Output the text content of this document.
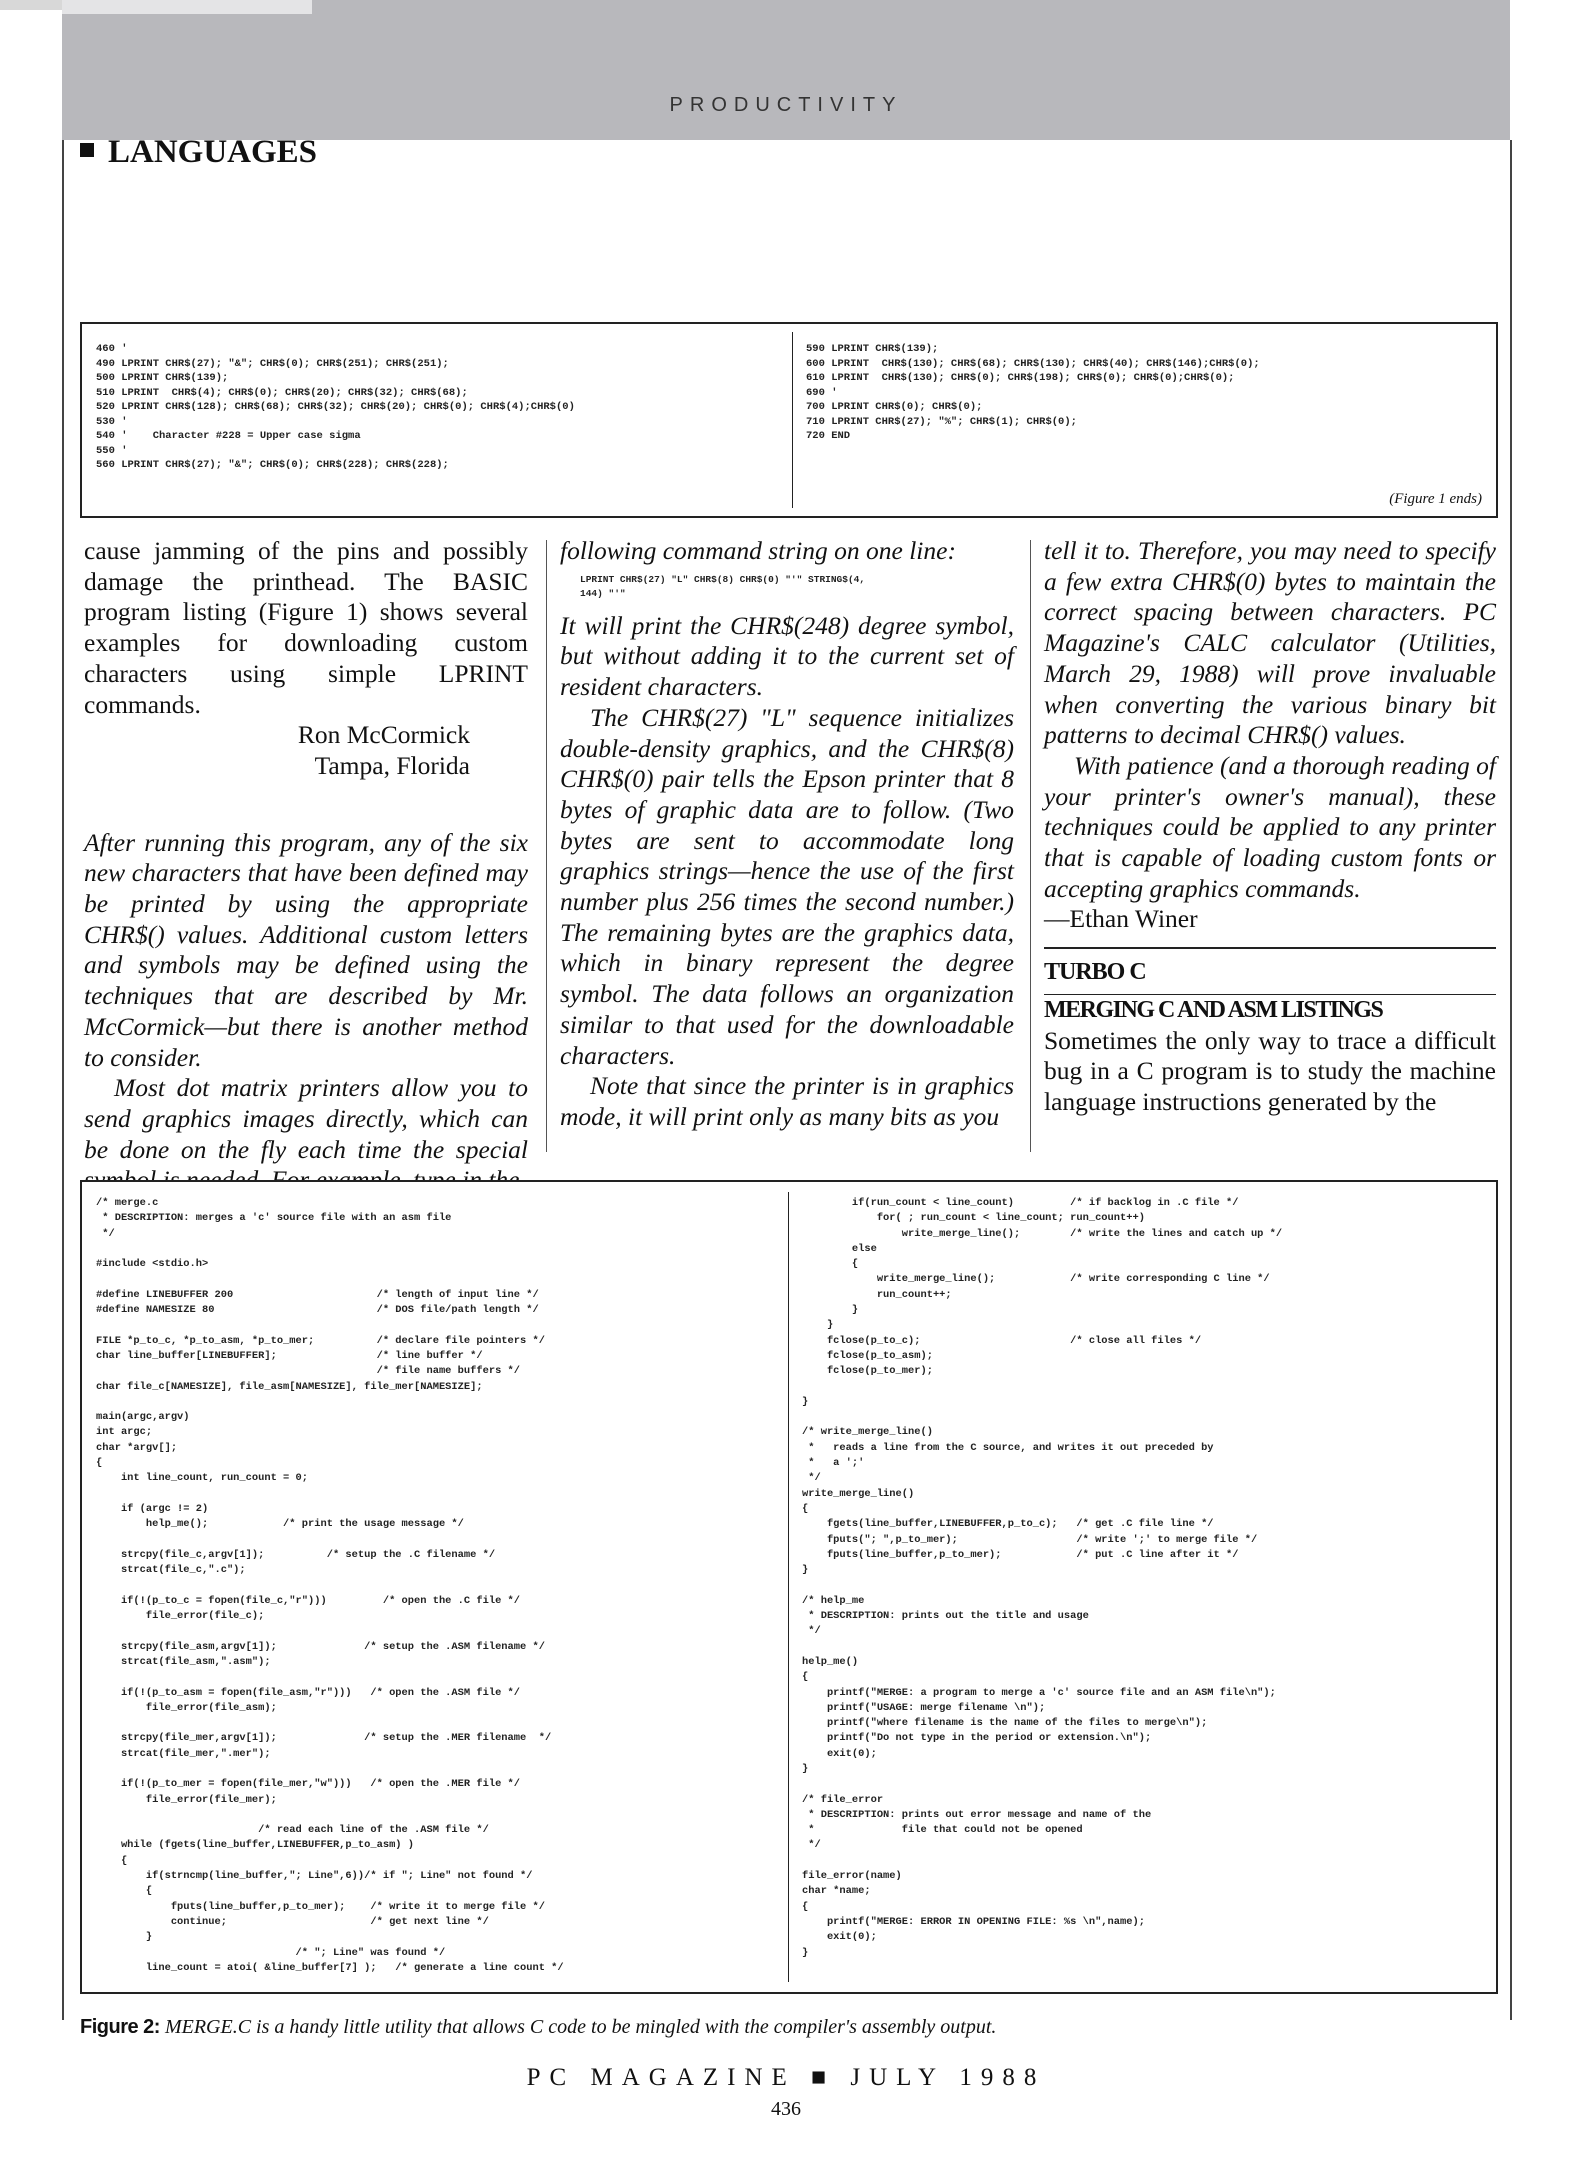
PRODUCTIVITY
LANGUAGES
460 '
490 LPRINT CHR$(27); "&"; CHR$(0); CHR$(251); CHR$(251);
500 LPRINT CHR$(139);
510 LPRINT  CHR$(4); CHR$(0); CHR$(20); CHR$(32); CHR$(68);
520 LPRINT CHR$(128); CHR$(68); CHR$(32); CHR$(20); CHR$(0); CHR$(4);CHR$(0)
530 '
540 '    Character #228 = Upper case sigma
550 '
560 LPRINT CHR$(27); "&"; CHR$(0); CHR$(228); CHR$(228);
590 LPRINT CHR$(139);
600 LPRINT  CHR$(130); CHR$(68); CHR$(130); CHR$(40); CHR$(146);CHR$(0);
610 LPRINT  CHR$(130); CHR$(0); CHR$(198); CHR$(0); CHR$(0);CHR$(0);
690 '
700 LPRINT CHR$(0); CHR$(0);
710 LPRINT CHR$(27); "%"; CHR$(1); CHR$(0);
720 END
(Figure 1 ends)

cause jamming of the pins and possibly damage the printhead. The BASIC program listing (Figure 1) shows several examples for downloading custom characters using simple LPRINT commands.

Ron McCormick

Tampa, Florida

After running this program, any of the six new characters that have been defined may be printed by using the appropriate CHR$() values. Additional custom letters and symbols may be defined using the techniques that are described by Mr. McCormick—but there is another method to consider.

Most dot matrix printers allow you to send graphics images directly, which can be done on the fly each time the special

following command string on one line:

LPRINT CHR$(27) "L" CHR$(8) CHR$(0) "'" STRING$(4,
144) "'"

It will print the CHR$(248) degree symbol, but without adding it to the current set of resident characters.

The CHR$(27) "L" sequence initializes double-density graphics, and the CHR$(8) CHR$(0) pair tells the Epson printer that 8 bytes of graphic data are to follow. (Two bytes are sent to accommodate long graphics strings—hence the use of the first number plus 256 times the second number.) The remaining bytes are the graphics data, which in binary represent the degree symbol. The data follows an organization similar to that used for the downloadable characters.

Note that since the printer is in graphics mode, it will print only as many bits as you

tell it to. Therefore, you may need to specify a few extra CHR$(0) bytes to maintain the correct spacing between characters. PC Magazine's CALC calculator (Utilities, March 29, 1988) will prove invaluable when converting the various binary bit patterns to decimal CHR$() values.

With patience (and a thorough reading of your printer's owner's manual), these techniques could be applied to any printer that is capable of loading custom fonts or accepting graphics commands.

—Ethan Winer

TURBO C

MERGING C AND ASM LISTINGS

Sometimes the only way to trace a difficult bug in a C program is to study the machine language instructions generated by the

/* merge.c
* DESCRIPTION: merges a 'c' source file with an asm file
*/

#include <stdio.h>

#define LINEBUFFER 200                       /* length of input line */
#define NAMESIZE 80                          /* DOS file/path length */

FILE *p_to_c, *p_to_asm, *p_to_mer;          /* declare file pointers */
char line_buffer[LINEBUFFER];                /* line buffer */
/* file name buffers */
char file_c[NAMESIZE], file_asm[NAMESIZE], file_mer[NAMESIZE];

main(argc,argv)
int argc;
char *argv[];
{
int line_count, run_count = 0;

if (argc != 2)
help_me();            /* print the usage message */

strcpy(file_c,argv[1]);          /* setup the .C filename */
strcat(file_c,".c");

if(!(p_to_c = fopen(file_c,"r")))         /* open the .C file */
file_error(file_c);

strcpy(file_asm,argv[1]);              /* setup the .ASM filename */
strcat(file_asm,".asm");

if(!(p_to_asm = fopen(file_asm,"r")))   /* open the .ASM file */
file_error(file_asm);

strcpy(file_mer,argv[1]);              /* setup the .MER filename  */
strcat(file_mer,".mer");

if(!(p_to_mer = fopen(file_mer,"w")))   /* open the .MER file */
file_error(file_mer);

/* read each line of the .ASM file */
while (fgets(line_buffer,LINEBUFFER,p_to_asm) )
{
if(strncmp(line_buffer,"; Line",6))/* if "; Line" not found */
{
fputs(line_buffer,p_to_mer);    /* write it to merge file */
continue;                       /* get next line */
}
/* "; Line" was found */
line_count = atoi( &line_buffer[7] );   /* generate a line count */
if(run_count < line_count)         /* if backlog in .C file */
for( ; run_count < line_count; run_count++)
write_merge_line();        /* write the lines and catch up */
else
{
write_merge_line();            /* write corresponding C line */
run_count++;
}
}
fclose(p_to_c);                        /* close all files */
fclose(p_to_asm);
fclose(p_to_mer);

}

/* write_merge_line()
*   reads a line from the C source, and writes it out preceded by
*   a ';'
*/
write_merge_line()
{
fgets(line_buffer,LINEBUFFER,p_to_c);   /* get .C file line */
fputs("; ",p_to_mer);                   /* write ';' to merge file */
fputs(line_buffer,p_to_mer);            /* put .C line after it */
}

/* help_me
* DESCRIPTION: prints out the title and usage
*/

help_me()
{
printf("MERGE: a program to merge a 'c' source file and an ASM file\n");
printf("USAGE: merge filename \n");
printf("where filename is the name of the files to merge\n");
printf("Do not type in the period or extension.\n");
exit(0);
}

/* file_error
* DESCRIPTION: prints out error message and name of the
*              file that could not be opened
*/

file_error(name)
char *name;
{
printf("MERGE: ERROR IN OPENING FILE: %s \n",name);
exit(0);
}
Figure 2: MERGE.C is a handy little utility that allows C code to be mingled with the compiler's assembly output.
PC MAGAZINE ■ JULY 1988
436
